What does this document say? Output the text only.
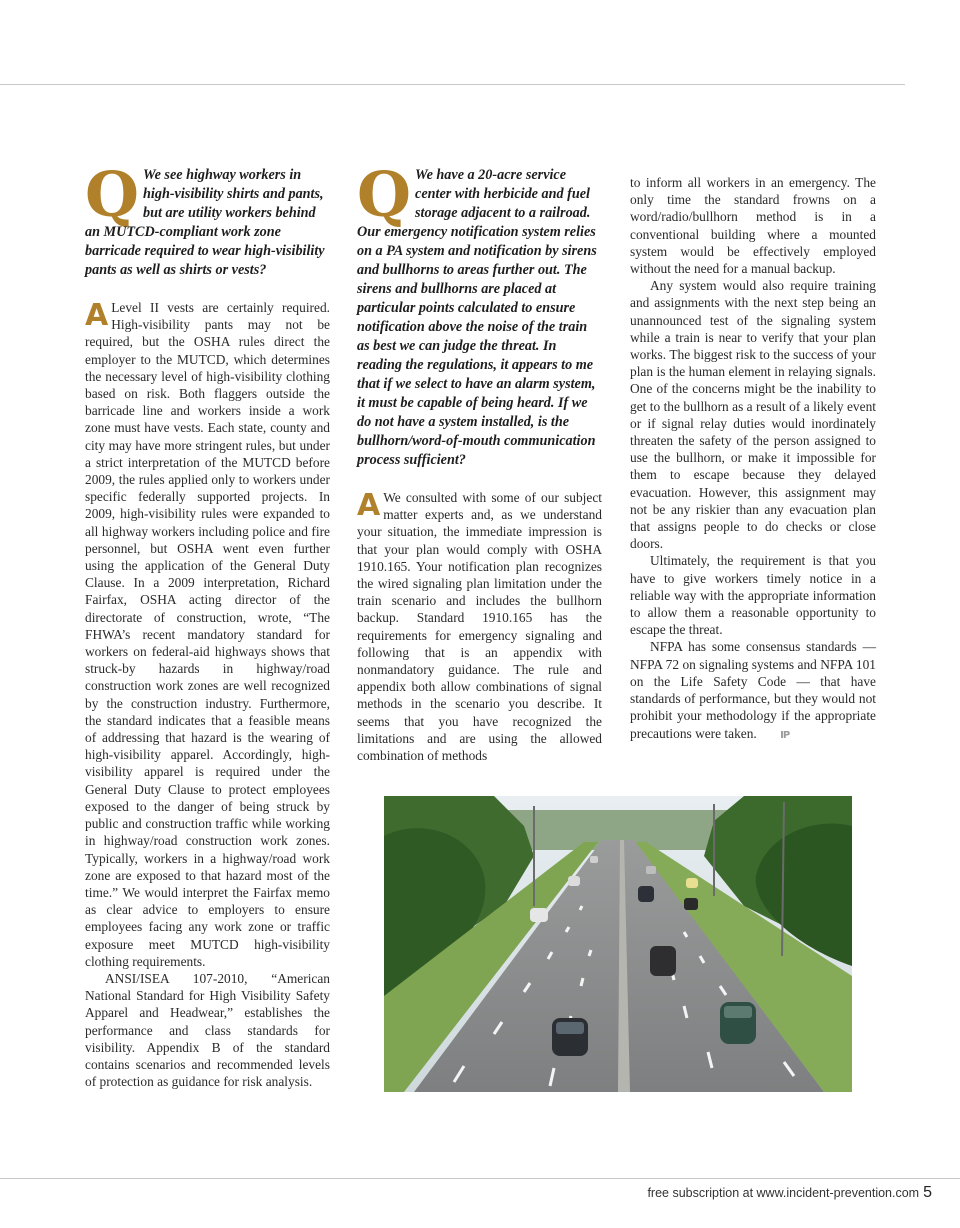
Q We see highway workers in high-visibility shirts and pants, but are utility workers behind an MUTCD-compliant work zone barricade required to wear high-visibility pants as well as shirts or vests?

A Level II vests are certainly required. High-visibility pants may not be required, but the OSHA rules direct the employer to the MUTCD, which determines the necessary level of high-visibility clothing based on risk. Both flaggers outside the barricade line and workers inside a work zone must have vests. Each state, county and city may have more stringent rules, but under a strict interpretation of the MUTCD before 2009, the rules applied only to workers under specific federally supported projects. In 2009, high-visibility rules were expanded to all highway workers including police and fire personnel, but OSHA went even further using the application of the General Duty Clause. In a 2009 interpretation, Richard Fairfax, OSHA acting director of the directorate of construction, wrote, “The FHWA’s recent mandatory standard for workers on federal-aid highways shows that struck-by hazards in highway/road construction work zones are well recognized by the construction industry. Furthermore, the standard indicates that a feasible means of addressing that hazard is the wearing of high-visibility apparel. Accordingly, high-visibility apparel is required under the General Duty Clause to protect employees exposed to the danger of being struck by public and construction traffic while working in highway/road construction work zones. Typically, workers in a highway/road work zone are exposed to that hazard most of the time.” We would interpret the Fairfax memo as clear advice to employers to ensure employees facing any work zone or traffic exposure meet MUTCD high-visibility clothing requirements.

ANSI/ISEA 107-2010, “American National Standard for High Visibility Safety Apparel and Headwear,” establishes the performance and class standards for visibility. Appendix B of the standard contains scenarios and recommended levels of protection as guidance for risk analysis.

Q We have a 20-acre service center with herbicide and fuel storage adjacent to a railroad. Our emergency notification system relies on a PA system and notification by sirens and bullhorns to areas further out. The sirens and bullhorns are placed at particular points calculated to ensure notification above the noise of the train as best we can judge the threat. In reading the regulations, it appears to me that if we select to have an alarm system, it must be capable of being heard. If we do not have a system installed, is the bullhorn/word-of-mouth communication process sufficient?

A We consulted with some of our subject matter experts and, as we understand your situation, the immediate impression is that your plan would comply with OSHA 1910.165. Your notification plan recognizes the wired signaling plan limitation under the train scenario and includes the bullhorn backup. Standard 1910.165 has the requirements for emergency signaling and following that is an appendix with nonmandatory guidance. The rule and appendix both allow combinations of signal methods in the scenario you describe. It seems that you have recognized the limitations and are using the allowed combination of methods

to inform all workers in an emergency. The only time the standard frowns on a word/radio/bullhorn method is in a conventional building where a mounted system would be effectively employed without the need for a manual backup.

Any system would also require training and assignments with the next step being an unannounced test of the signaling system while a train is near to verify that your plan works. The biggest risk to the success of your plan is the human element in relaying signals. One of the concerns might be the inability to get to the bullhorn as a result of a likely event or if signal relay duties would inordinately threaten the safety of the person assigned to use the bullhorn, or make it impossible for them to escape because they delayed evacuation. However, this assignment may not be any riskier than any evacuation plan that assigns people to do checks or close doors.

Ultimately, the requirement is that you have to give workers timely notice in a reliable way with the appropriate information to allow them a reasonable opportunity to escape the threat.

NFPA has some consensus standards — NFPA 72 on signaling systems and NFPA 101 on the Life Safety Code — that have standards of performance, but they would not prohibit your methodology if the appropriate precautions were taken. IP

free subscription at www.incident-prevention.com 5
